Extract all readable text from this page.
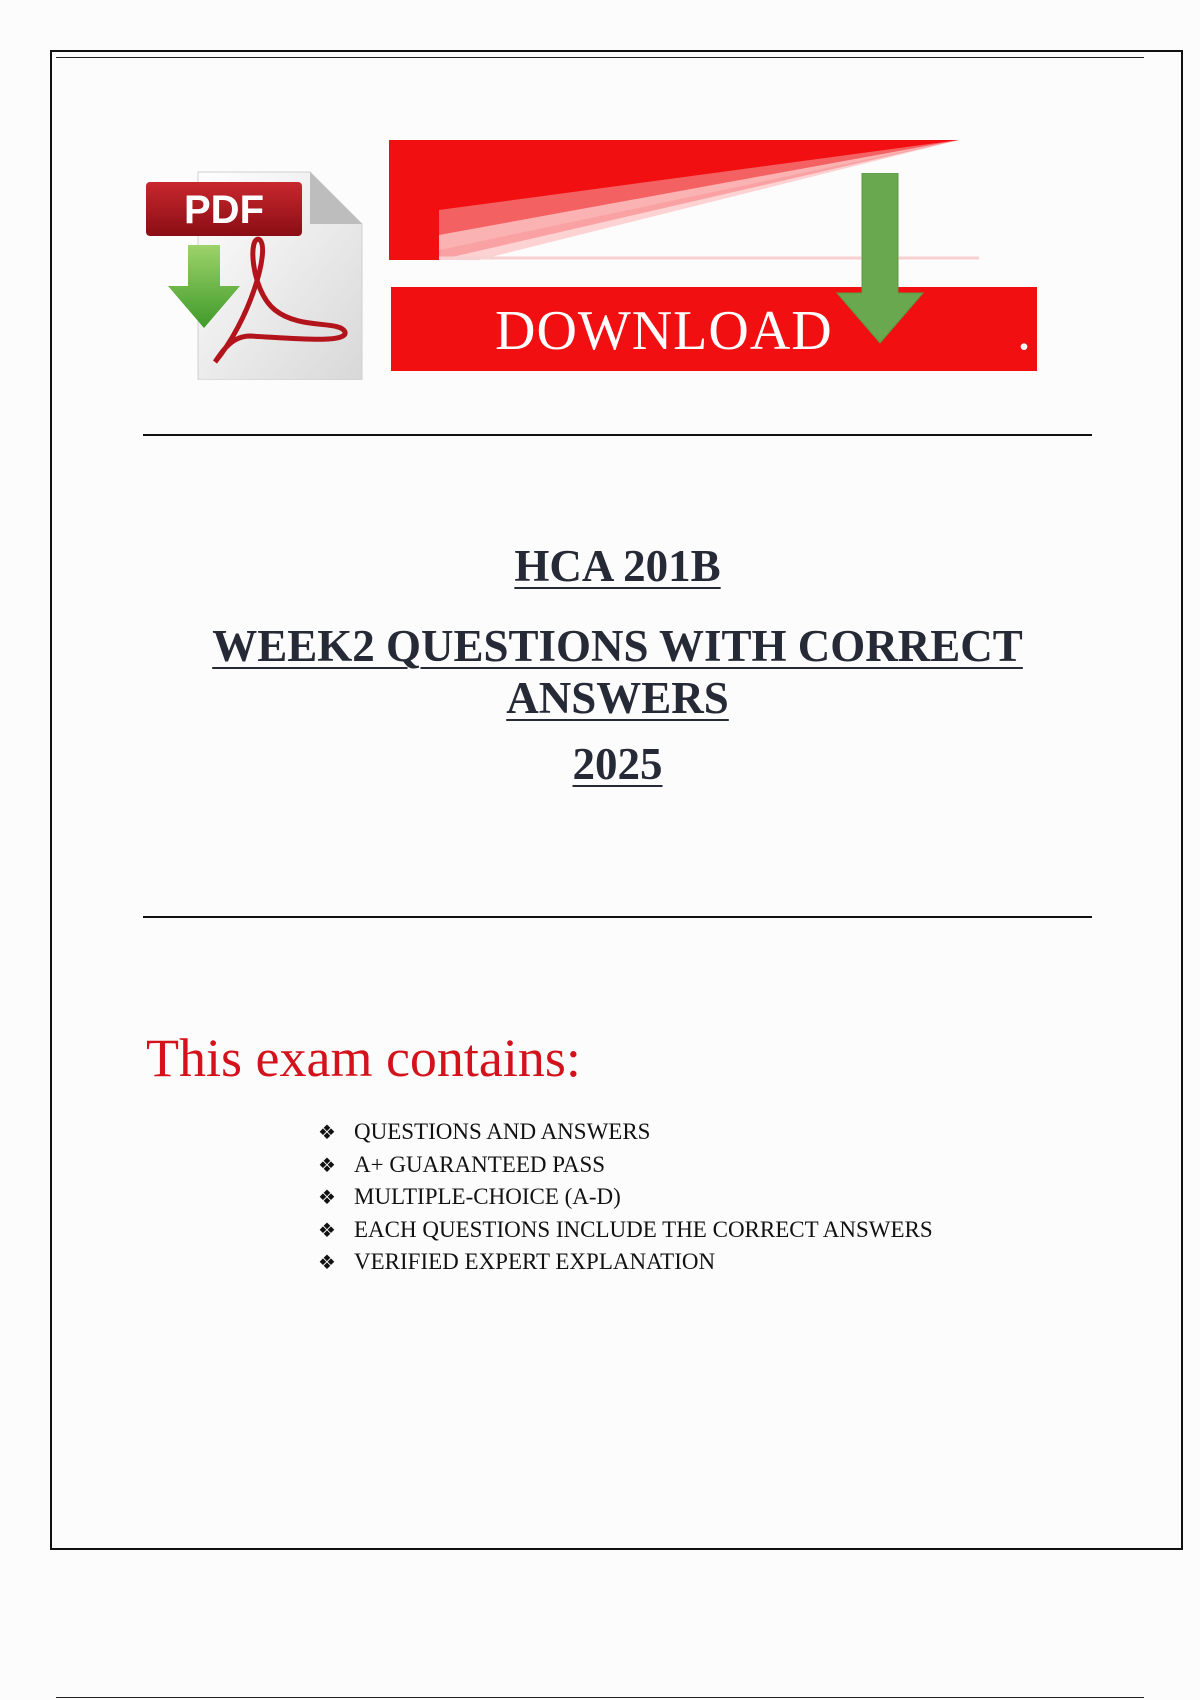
PDF
DOWNLOAD	.

HCA 201B

WEEK2 QUESTIONS WITH CORRECT

ANSWERS

2025

This exam contains:
❖ QUESTIONS AND ANSWERS
❖ A+ GUARANTEED PASS
❖ MULTIPLE-CHOICE (A-D)
❖ EACH QUESTIONS INCLUDE THE CORRECT ANSWERS
❖ VERIFIED EXPERT EXPLANATION
